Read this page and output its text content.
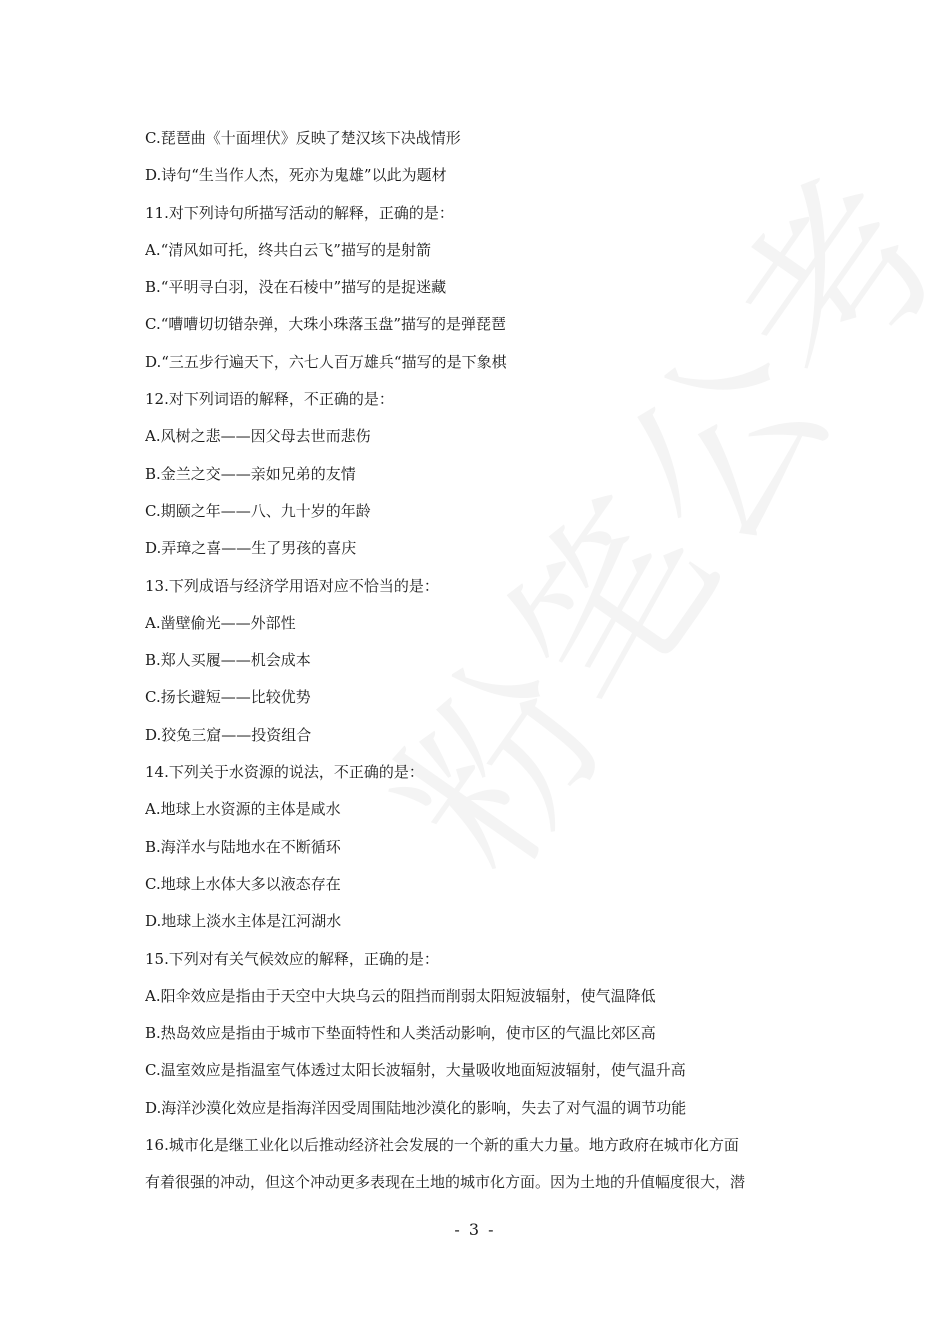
C.琵琶曲《十面埋伏》反映了楚汉垓下决战情形
D.诗句“生当作人杰，死亦为鬼雄”以此为题材
11.对下列诗句所描写活动的解释，正确的是：
A.“清风如可托，终共白云飞”描写的是射箭
B.“平明寻白羽，没在石棱中”描写的是捉迷藏
C.“嘈嘈切切错杂弹，大珠小珠落玉盘”描写的是弹琵琶
D.“三五步行遍天下，六七人百万雄兵“描写的是下象棋
12.对下列词语的解释，不正确的是：
A.风树之悲——因父母去世而悲伤
B.金兰之交——亲如兄弟的友情
C.期颐之年——八、九十岁的年龄
D.弄璋之喜——生了男孩的喜庆
13.下列成语与经济学用语对应不恰当的是：
A.凿壁偷光——外部性
B.郑人买履——机会成本
C.扬长避短——比较优势
D.狡兔三窟——投资组合
14.下列关于水资源的说法，不正确的是：
A.地球上水资源的主体是咸水
B.海洋水与陆地水在不断循环
C.地球上水体大多以液态存在
D.地球上淡水主体是江河湖水
15.下列对有关气候效应的解释，正确的是：
A.阳伞效应是指由于天空中大块乌云的阻挡而削弱太阳短波辐射，使气温降低
B.热岛效应是指由于城市下垫面特性和人类活动影响，使市区的气温比郊区高
C.温室效应是指温室气体透过太阳长波辐射，大量吸收地面短波辐射，使气温升高
D.海洋沙漠化效应是指海洋因受周围陆地沙漠化的影响，失去了对气温的调节功能
16.城市化是继工业化以后推动经济社会发展的一个新的重大力量。地方政府在城市化方面
有着很强的冲动，但这个冲动更多表现在土地的城市化方面。因为土地的升值幅度很大，潜
- 3 -
